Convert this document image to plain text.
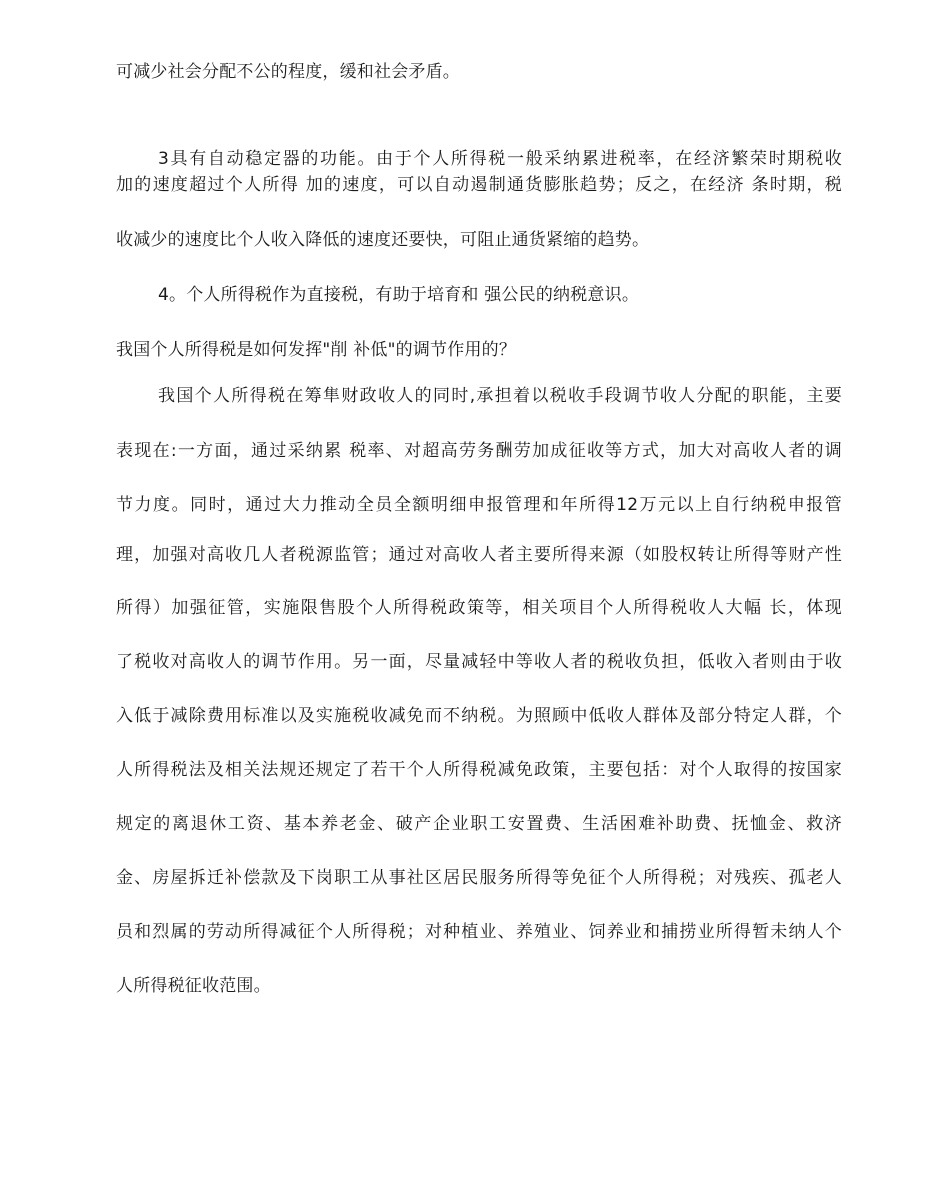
可减少社会分配不公的程度，缓和社会矛盾。
3具有自动稳定器的功能。由于个人所得税一般采纳累进税率，在经济繁荣时期税收
加的速度超过个人所得 加的速度，可以自动遏制通货膨胀趋势；反之，在经济 条时期，税
收减少的速度比个人收入降低的速度还要快，可阻止通货紧缩的趋势。
4。个人所得税作为直接税，有助于培育和 强公民的纳税意识。
我国个人所得税是如何发挥"削 补低"的调节作用的？
我国个人所得税在筹隼财政收人的同时,承担着以税收手段调节收人分配的职能，主要
表现在:一方面，通过采纳累 税率、对超高劳务酬劳加成征收等方式，加大对高收人者的调
节力度。同时，通过大力推动全员全额明细申报管理和年所得12万元以上自行纳税申报管
理，加强对高收几人者税源监管；通过对高收人者主要所得来源（如股权转让所得等财产性
所得）加强征管，实施限售股个人所得税政策等，相关项目个人所得税收人大幅 长，体现
了税收对高收人的调节作用。另一面，尽量减轻中等收人者的税收负担，低收入者则由于收
入低于减除费用标准以及实施税收减免而不纳税。为照顾中低收人群体及部分特定人群，个
人所得税法及相关法规还规定了若干个人所得税减免政策，主要包括：对个人取得的按国家
规定的离退休工资、基本养老金、破产企业职工安置费、生活困难补助费、抚恤金、救济
金、房屋拆迁补偿款及下岗职工从事社区居民服务所得等免征个人所得税；对残疾、孤老人
员和烈属的劳动所得减征个人所得税；对种植业、养殖业、饲养业和捕捞业所得暂未纳人个
人所得税征收范围。
